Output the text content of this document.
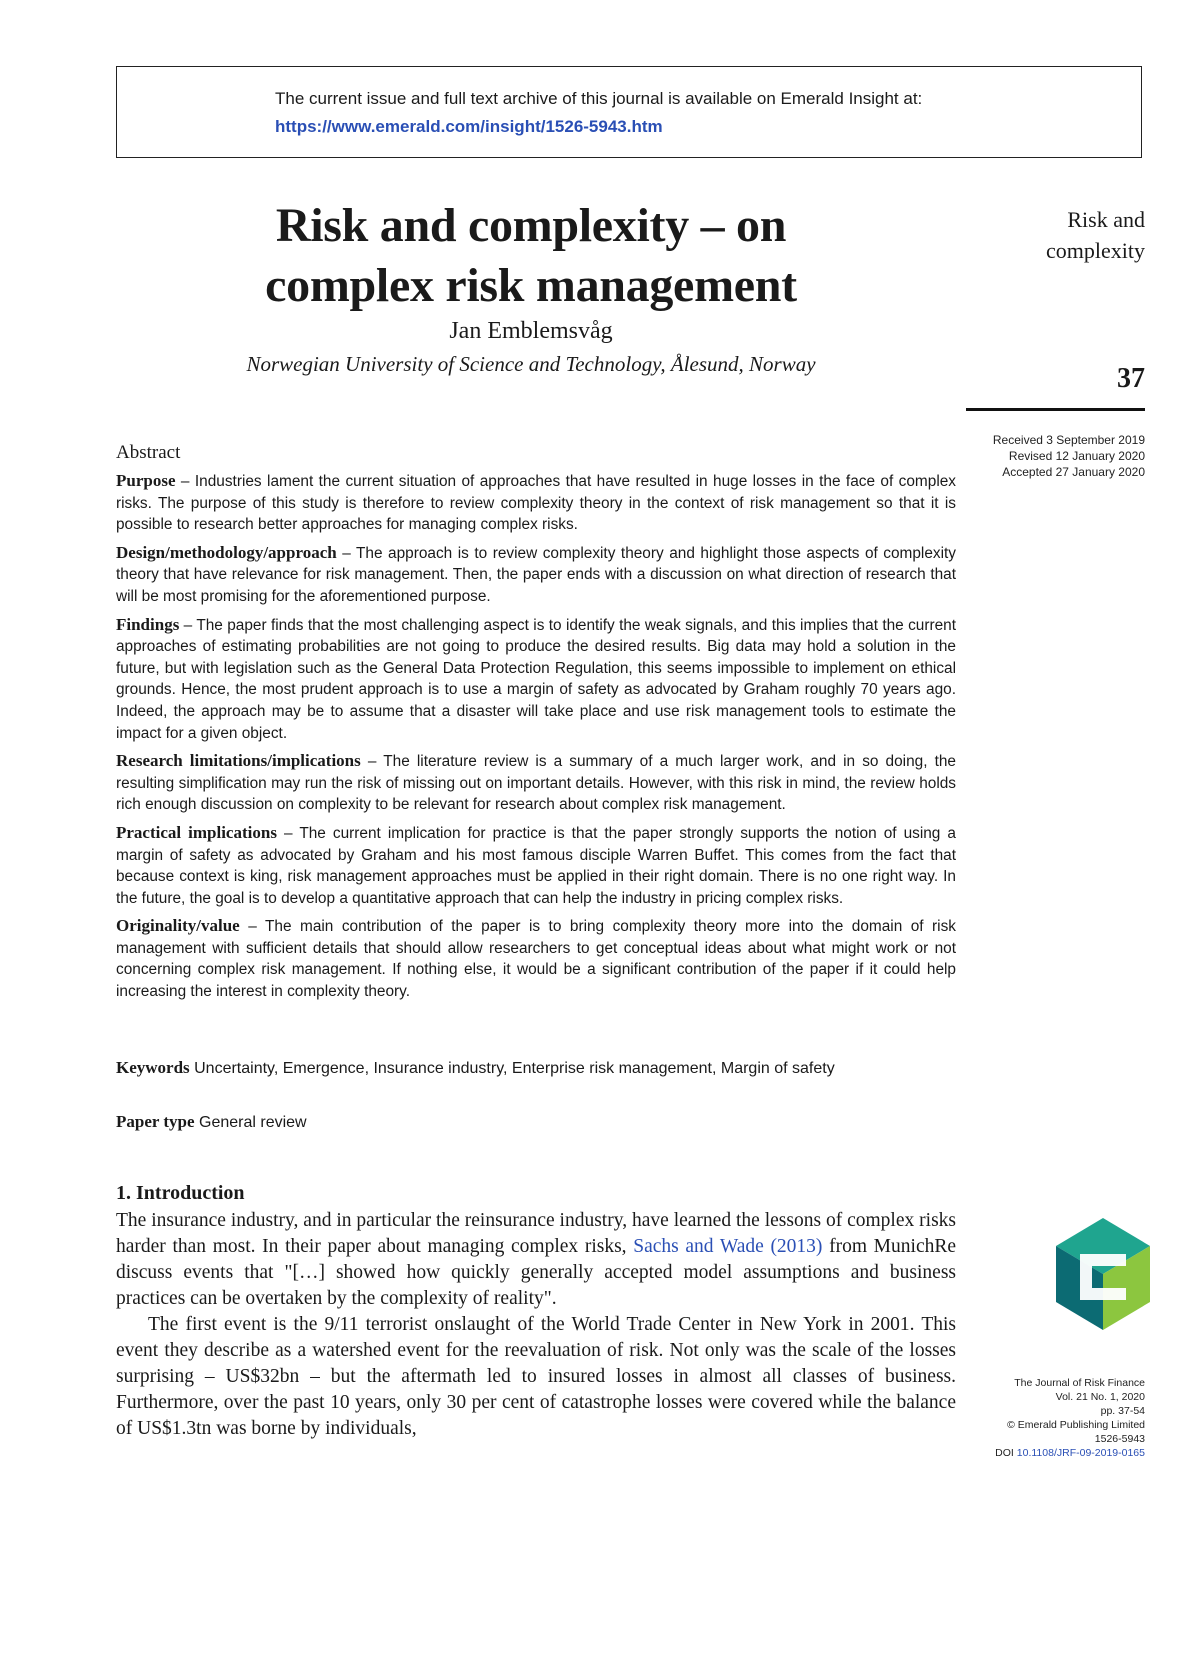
The current issue and full text archive of this journal is available on Emerald Insight at:
https://www.emerald.com/insight/1526-5943.htm
Risk and complexity – on
complex risk management
Jan Emblemsvåg
Norwegian University of Science and Technology, Ålesund, Norway
Risk and
complexity
37
Received 3 September 2019
Revised 12 January 2020
Accepted 27 January 2020
Abstract

Purpose – Industries lament the current situation of approaches that have resulted in huge losses in the face of complex risks. The purpose of this study is therefore to review complexity theory in the context of risk management so that it is possible to research better approaches for managing complex risks.

Design/methodology/approach – The approach is to review complexity theory and highlight those aspects of complexity theory that have relevance for risk management. Then, the paper ends with a discussion on what direction of research that will be most promising for the aforementioned purpose.

Findings – The paper finds that the most challenging aspect is to identify the weak signals, and this implies that the current approaches of estimating probabilities are not going to produce the desired results. Big data may hold a solution in the future, but with legislation such as the General Data Protection Regulation, this seems impossible to implement on ethical grounds. Hence, the most prudent approach is to use a margin of safety as advocated by Graham roughly 70 years ago. Indeed, the approach may be to assume that a disaster will take place and use risk management tools to estimate the impact for a given object.

Research limitations/implications – The literature review is a summary of a much larger work, and in so doing, the resulting simplification may run the risk of missing out on important details. However, with this risk in mind, the review holds rich enough discussion on complexity to be relevant for research about complex risk management.

Practical implications – The current implication for practice is that the paper strongly supports the notion of using a margin of safety as advocated by Graham and his most famous disciple Warren Buffet. This comes from the fact that because context is king, risk management approaches must be applied in their right domain. There is no one right way. In the future, the goal is to develop a quantitative approach that can help the industry in pricing complex risks.

Originality/value – The main contribution of the paper is to bring complexity theory more into the domain of risk management with sufficient details that should allow researchers to get conceptual ideas about what might work or not concerning complex risk management. If nothing else, it would be a significant contribution of the paper if it could help increasing the interest in complexity theory.

Keywords Uncertainty, Emergence, Insurance industry, Enterprise risk management, Margin of safety
Paper type General review
1. Introduction

The insurance industry, and in particular the reinsurance industry, have learned the lessons of complex risks harder than most. In their paper about managing complex risks, Sachs and Wade (2013) from MunichRe discuss events that "[…] showed how quickly generally accepted model assumptions and business practices can be overtaken by the complexity of reality".

The first event is the 9/11 terrorist onslaught of the World Trade Center in New York in 2001. This event they describe as a watershed event for the reevaluation of risk. Not only was the scale of the losses surprising – US$32bn – but the aftermath led to insured losses in almost all classes of business. Furthermore, over the past 10 years, only 30 per cent of catastrophe losses were covered while the balance of US$1.3tn was borne by individuals,

The Journal of Risk Finance
Vol. 21 No. 1, 2020
pp. 37-54
© Emerald Publishing Limited
1526-5943
DOI 10.1108/JRF-09-2019-0165
